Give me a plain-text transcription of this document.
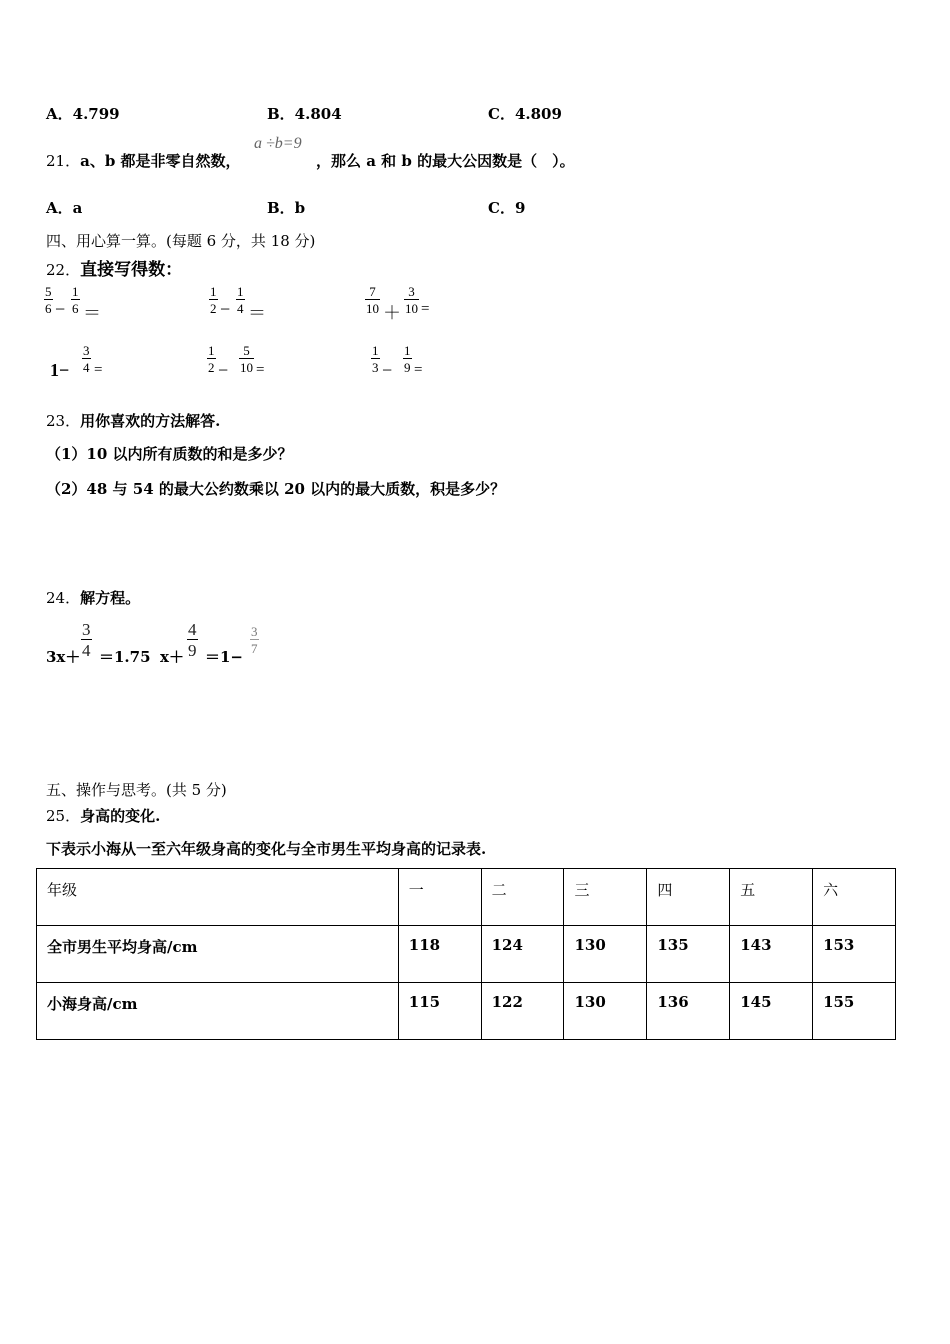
A．4.799	B．4.804	C．4.809
21．a、b 都是非零自然数，
a ÷b=9
，那么 a 和 b 的最大公因数是（　）。
A．a	B．b	C．9
四、用心算一算。(每题 6 分，共 18 分)
22．直接写得数：
$\frac{5}{6} - \frac{1}{6}$ ＝	$\frac{1}{2} - \frac{1}{4}$ ＝	$\frac{7}{10} + \frac{3}{10}$ =
$1- \frac{3}{4}$ =	$\frac{1}{2} - \frac{5}{10}$ =	$\frac{1}{3} - \frac{1}{9}$ =
23．用你喜欢的方法解答.
（1）10 以内所有质数的和是多少？
（2）48 与 54 的最大公约数乘以 20 以内的最大质数，积是多少？
24．解方程。
$3x+ \frac{3}{4} =1.75$ $x+ \frac{4}{9} =1-$
$\frac{3}{7}$
五、操作与思考。(共 5 分)
25．身高的变化.
下表示小海从一至六年级身高的变化与全市男生平均身高的记录表.
年级	一	二	三	四	五	六
全市男生平均身高/cm	118	124	130	135	143	153
小海身高/cm	115	122	130	136	145	155
